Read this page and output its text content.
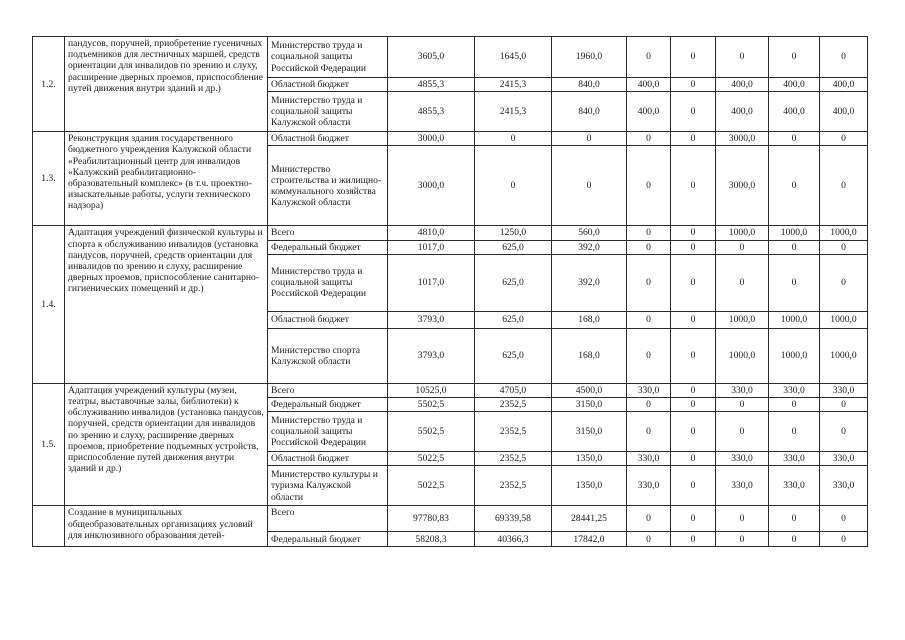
1.2.	пандусов, поручней, приобретение гусеничных подъемников для лестничных маршей, средств ориентации для инвалидов по зрению и слуху, расширение дверных проемов, приспособление путей движения внутри зданий и др.)	Министерство труда и социальной защиты Российской Федерации	3605,0	1645,0	1960,0	0	0	0	0	0
		Областной бюджет	4855,3	2415,3	840,0	400,0	0	400,0	400,0	400,0
		Министерство труда и социальной защиты Калужской области	4855,3	2415,3	840,0	400,0	0	400,0	400,0	400,0
1.3.	Реконструкция здания государственного бюджетного учреждения Калужской области «Реабилитационный центр для инвалидов «Калужский реабилитационно-образовательный комплекс» (в т.ч. проектно-изыскательные работы, услуги технического надзора)	Областной бюджет	3000,0	0	0	0	0	3000,0	0	0
		Министерство строительства и жилищно-коммунального хозяйства Калужской области	3000,0	0	0	0	0	3000,0	0	0
1.4.	Адаптация учреждений физической культуры и спорта к обслуживанию инвалидов (установка пандусов, поручней, средств ориентации для инвалидов по зрению и слуху, расширение дверных проемов, приспособление санитарно-гигиенических помещений и др.)	Всего	4810,0	1250,0	560,0	0	0	1000,0	1000,0	1000,0
		Федеральный бюджет	1017,0	625,0	392,0	0	0	0	0	0
		Министерство труда и социальной защиты Российской Федерации	1017,0	625,0	392,0	0	0	0	0	0
		Областной бюджет	3793,0	625,0	168,0	0	0	1000,0	1000,0	1000,0
		Министерство спорта Калужской области	3793,0	625,0	168,0	0	0	1000,0	1000,0	1000,0
1.5.	Адаптация учреждений культуры (музеи, театры, выставочные залы, библиотеки) к обслуживанию инвалидов (установка пандусов, поручней, средств ориентации для инвалидов по зрению и слуху, расширение дверных проемов, приобретение подъемных устройств, приспособление путей движения внутри зданий и др.)	Всего	10525,0	4705,0	4500,0	330,0	0	330,0	330,0	330,0
		Федеральный бюджет	5502,5	2352,5	3150,0	0	0	0	0	0
		Министерство труда и социальной защиты Российской Федерации	5502,5	2352,5	3150,0	0	0	0	0	0
		Областной бюджет	5022,5	2352,5	1350,0	330,0	0	330,0	330,0	330,0
		Министерство культуры и туризма Калужской области	5022,5	2352,5	1350,0	330,0	0	330,0	330,0	330,0
	Создание в муниципальных общеобразовательных организациях условий для инклюзивного образования детей-	Всего	97780,83	69339,58	28441,25	0	0	0	0	0
		Федеральный бюджет	58208,3	40366,3	17842,0	0	0	0	0	0
